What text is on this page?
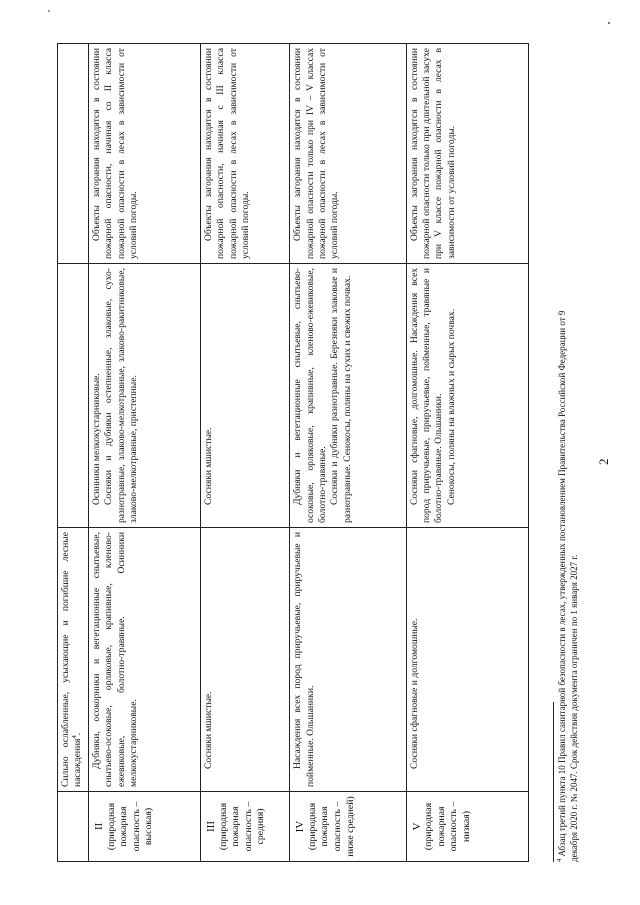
	Сильно ослабленные, усыхающие и погибшие лесные насаждения$^4$.		

II (природная пожарная опасность – высокая)	Дубняки, осокорники и вегетационные снытьевые, снытьево-осоковые, орляковые, крапивные, кленово-ежевиковые, болотно-травяные. Осинники мелкокустарниковые.	Осинники мелкокустарниковые. Сосняки и дубняки остепненные, злаковые, сухо-разнотравные, злаково-мелкотравные, злаково-ракитниковые, злаково-мелкотравные, пристепные.	Объекты загорания находятся в состоянии пожарной опасности, начиная со II класса пожарной опасности в лесах в зависимости от условий погоды.

III (природная пожарная опасность – средняя)	Сосняки мшистые.	Сосняки мшистые.	Объекты загорания находятся в состоянии пожарной опасности, начиная с III класса пожарной опасности в лесах в зависимости от условий погоды.

IV (природная пожарная опасность – ниже средней)	Насаждения всех пород приручьевые, приручьевые и пойменные. Ольшаники.	Дубняки и вегетационные снытьевые, снытьево-осоковые, орляковые, крапивные, кленово-ежевиковые, болотно-травяные. Сосняки и дубняки разнотравные. Березняки злаковые и разнотравные. Сенокосы, поляны на сухих и свежих почвах.	Объекты загорания находятся в состоянии пожарной опасности только при IV – V классах пожарной опасности в лесах в зависимости от условий погоды.

V (природная пожарная опасность – низкая)	Сосняки сфагновые и долгомошные.	Сосняки сфагновые, долгомошные. Насаждения всех пород приручьевые, приручьевые, пойменные, травяные и болотно-травяные. Ольшаники. Сенокосы, поляны на влажных и сырых почвах.	Объекты загорания находятся в состоянии пожарной опасности только при длительной засухе при V классе пожарной опасности в лесах в зависимости от условий погоды.
2
$^4$ Абзац третий пункта 10 Правил санитарной безопасности в лесах, утвержденных постановлением Правительства Российской Федерации от 9 декабря 2020 г. № 2047. Срок действия документа ограничен по 1 января 2027 г.
